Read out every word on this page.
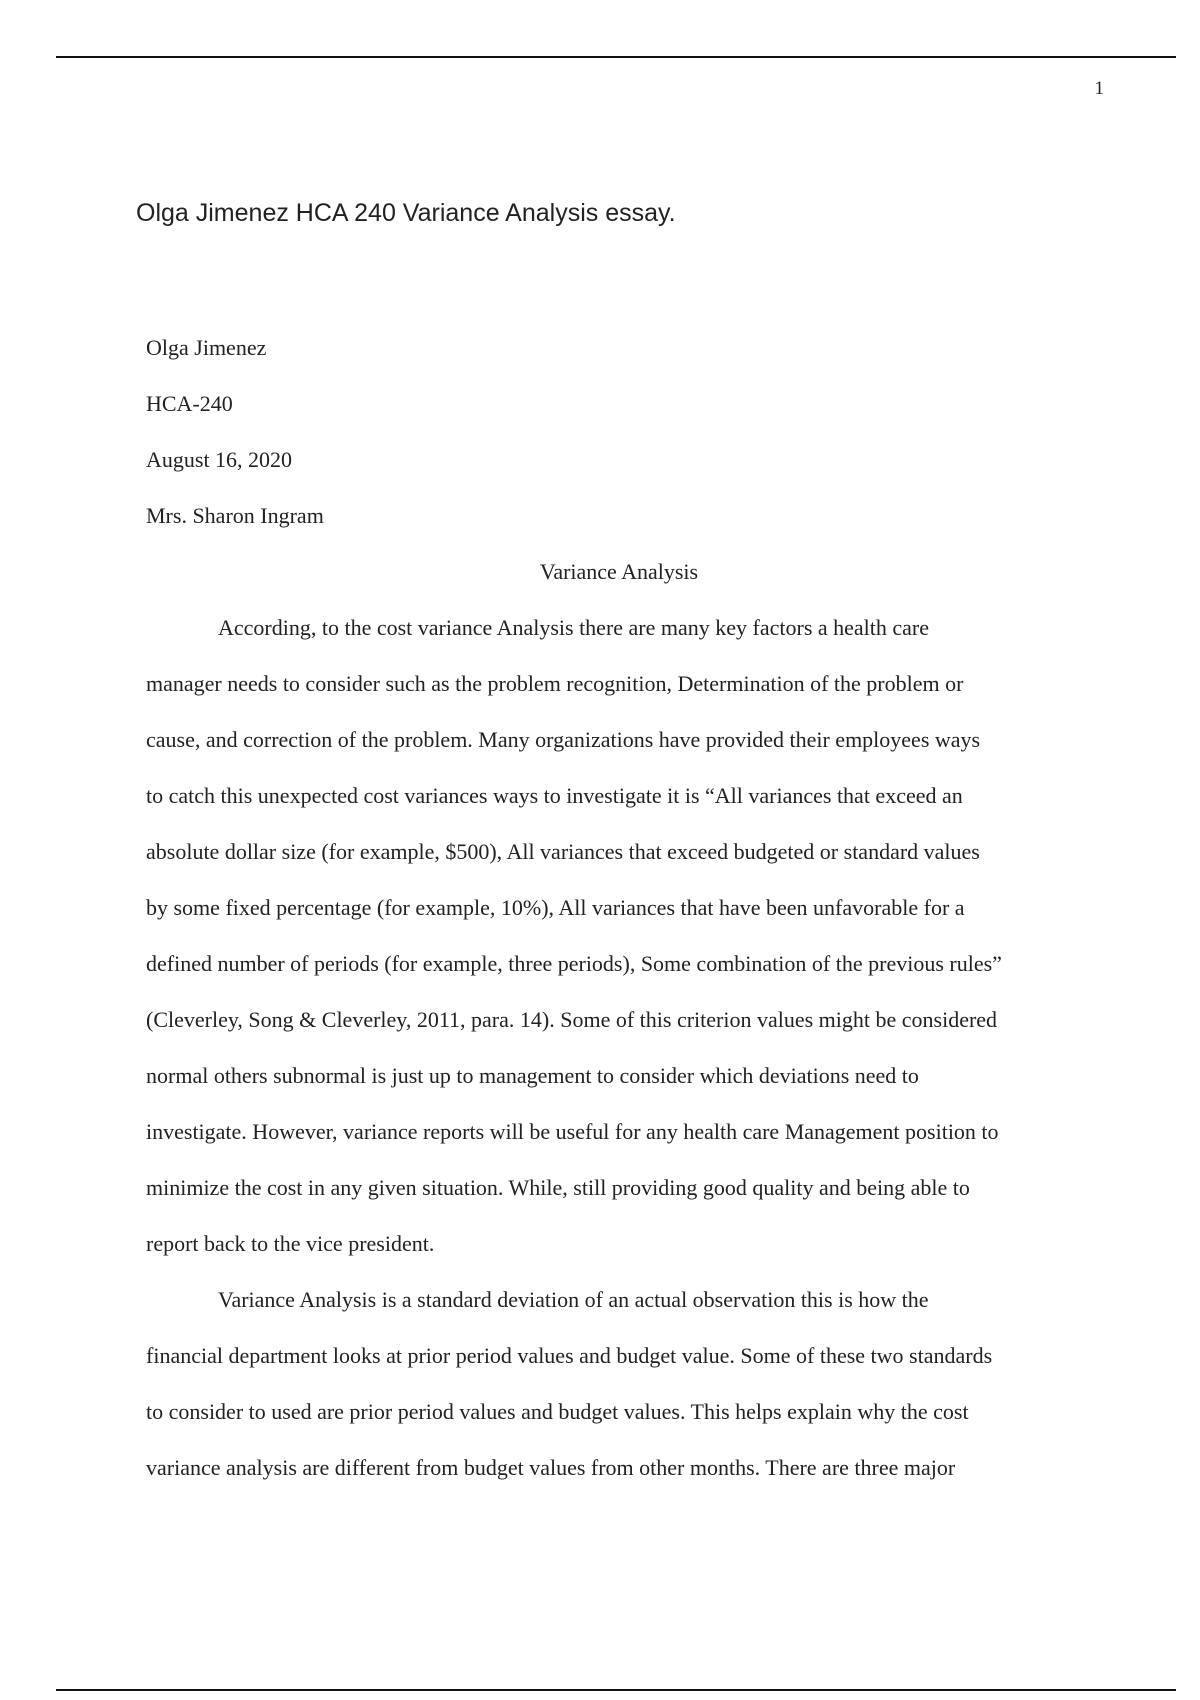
1
Olga Jimenez HCA 240 Variance Analysis essay.

Olga Jimenez

HCA-240

August 16, 2020

Mrs. Sharon Ingram

Variance Analysis
According, to the cost variance Analysis there are many key factors a health care
manager needs to consider such as the problem recognition, Determination of the problem or
cause, and correction of the problem. Many organizations have provided their employees ways
to catch this unexpected cost variances ways to investigate it is “All variances that exceed an
absolute dollar size (for example, $500), All variances that exceed budgeted or standard values
by some fixed percentage (for example, 10%), All variances that have been unfavorable for a
defined number of periods (for example, three periods), Some combination of the previous rules”
(Cleverley, Song & Cleverley, 2011, para. 14). Some of this criterion values might be considered
normal others subnormal is just up to management to consider which deviations need to
investigate. However, variance reports will be useful for any health care Management position to
minimize the cost in any given situation. While, still providing good quality and being able to
report back to the vice president.
Variance Analysis is a standard deviation of an actual observation this is how the
financial department looks at prior period values and budget value. Some of these two standards
to consider to used are prior period values and budget values. This helps explain why the cost
variance analysis are different from budget values from other months. There are three major
